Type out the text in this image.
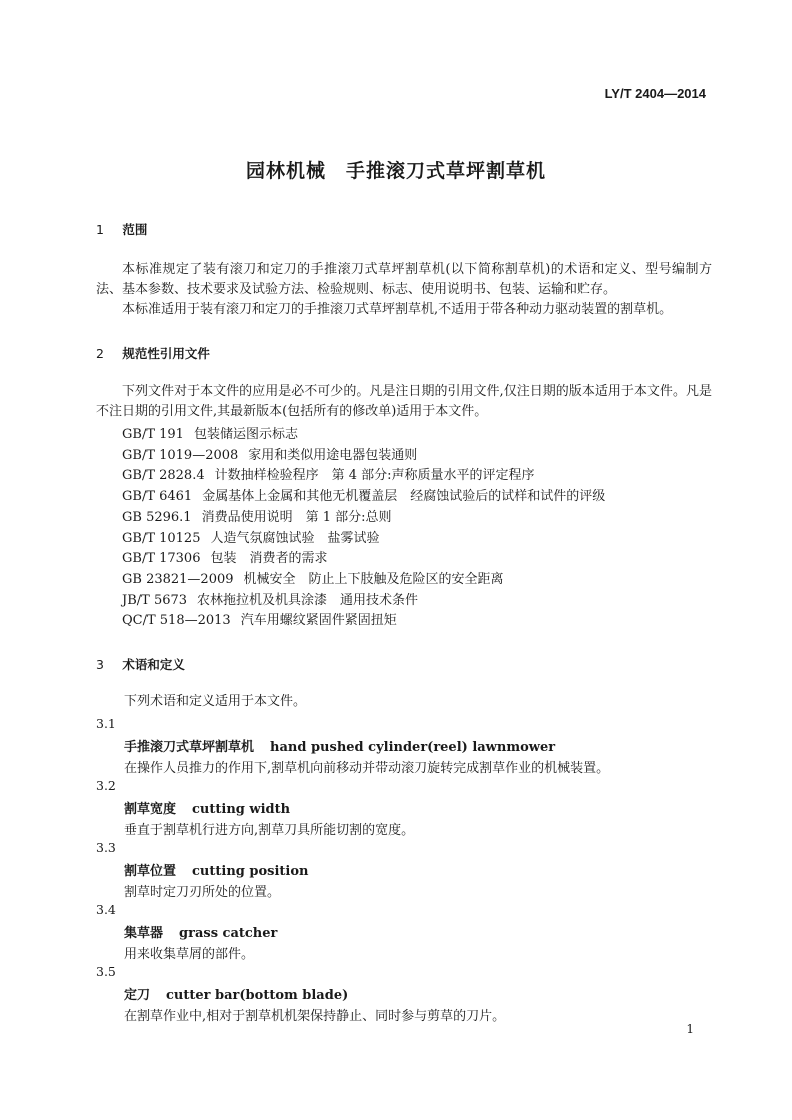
LY/T 2404—2014
园林机械　手推滚刀式草坪割草机
1 范围
本标准规定了装有滚刀和定刀的手推滚刀式草坪割草机(以下简称割草机)的术语和定义、型号编制方法、基本参数、技术要求及试验方法、检验规则、标志、使用说明书、包装、运输和贮存。
本标准适用于装有滚刀和定刀的手推滚刀式草坪割草机,不适用于带各种动力驱动装置的割草机。
2 规范性引用文件
下列文件对于本文件的应用是必不可少的。凡是注日期的引用文件,仅注日期的版本适用于本文件。凡是不注日期的引用文件,其最新版本(包括所有的修改单)适用于本文件。
GB/T 191 包装储运图示标志
GB/T 1019—2008 家用和类似用途电器包装通则
GB/T 2828.4 计数抽样检验程序　第 4 部分:声称质量水平的评定程序
GB/T 6461 金属基体上金属和其他无机覆盖层　经腐蚀试验后的试样和试件的评级
GB 5296.1 消费品使用说明　第 1 部分:总则
GB/T 10125 人造气氛腐蚀试验　盐雾试验
GB/T 17306 包装　消费者的需求
GB 23821—2009 机械安全　防止上下肢触及危险区的安全距离
JB/T 5673 农林拖拉机及机具涂漆　通用技术条件
QC/T 518—2013 汽车用螺纹紧固件紧固扭矩
3 术语和定义
下列术语和定义适用于本文件。
3.1
手推滚刀式草坪割草机 hand pushed cylinder(reel) lawnmower
在操作人员推力的作用下,割草机向前移动并带动滚刀旋转完成割草作业的机械装置。
3.2
割草宽度 cutting width
垂直于割草机行进方向,割草刀具所能切割的宽度。
3.3
割草位置 cutting position
割草时定刀刃所处的位置。
3.4
集草器 grass catcher
用来收集草屑的部件。
3.5
定刀 cutter bar(bottom blade)
在割草作业中,相对于割草机机架保持静止、同时参与剪草的刀片。
1
